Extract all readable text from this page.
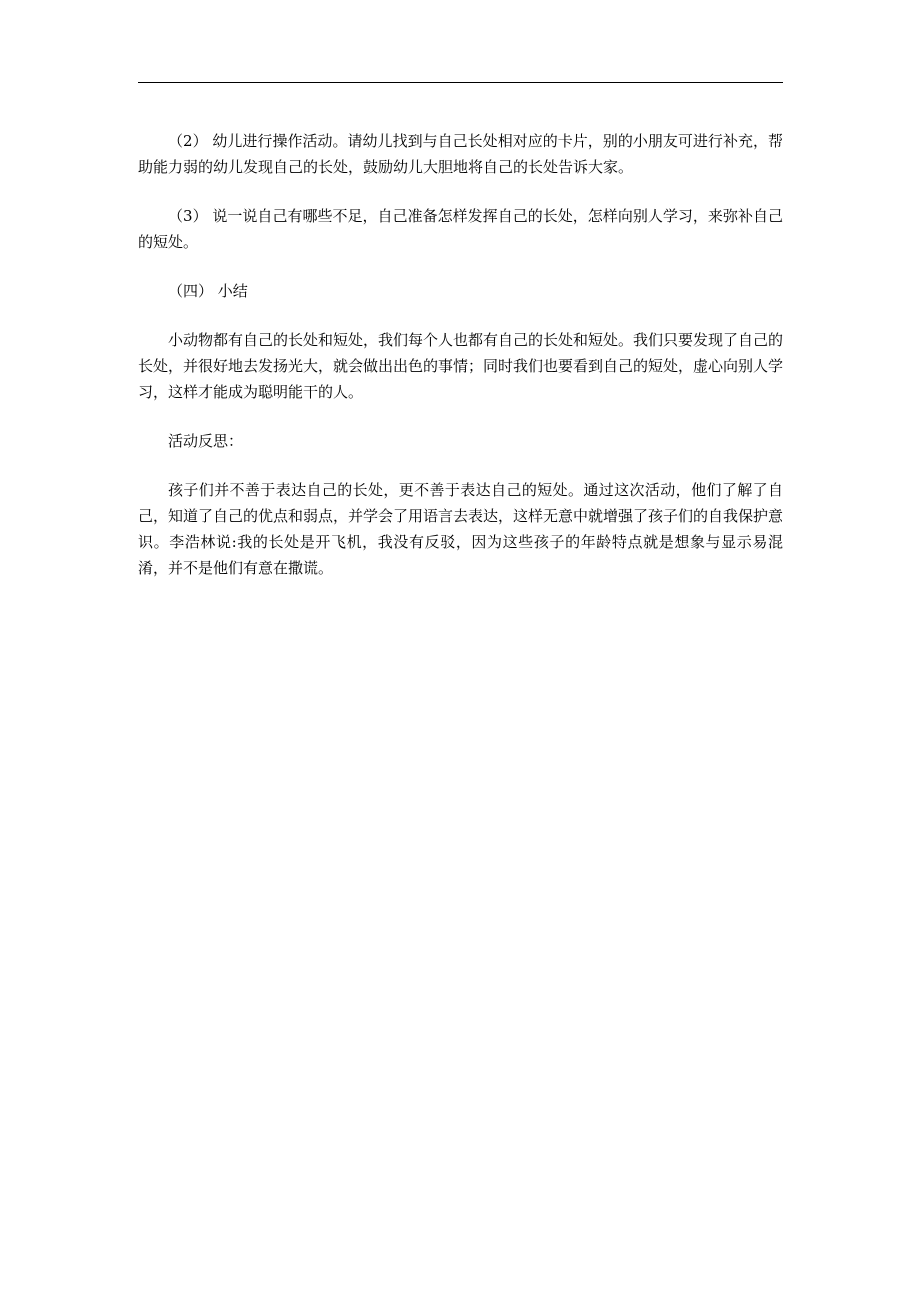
（2） 幼儿进行操作活动。请幼儿找到与自己长处相对应的卡片，别的小朋友可进行补充，帮助能力弱的幼儿发现自己的长处，鼓励幼儿大胆地将自己的长处告诉大家。

（3） 说一说自己有哪些不足，自己准备怎样发挥自己的长处，怎样向别人学习，来弥补自己的短处。

（四） 小结

小动物都有自己的长处和短处，我们每个人也都有自己的长处和短处。我们只要发现了自己的长处，并很好地去发扬光大，就会做出出色的事情；同时我们也要看到自己的短处，虚心向别人学习，这样才能成为聪明能干的人。

活动反思：

孩子们并不善于表达自己的长处，更不善于表达自己的短处。通过这次活动，他们了解了自己，知道了自己的优点和弱点，并学会了用语言去表达，这样无意中就增强了孩子们的自我保护意识。李浩林说:我的长处是开飞机，我没有反驳，因为这些孩子的年龄特点就是想象与显示易混淆，并不是他们有意在撒谎。
